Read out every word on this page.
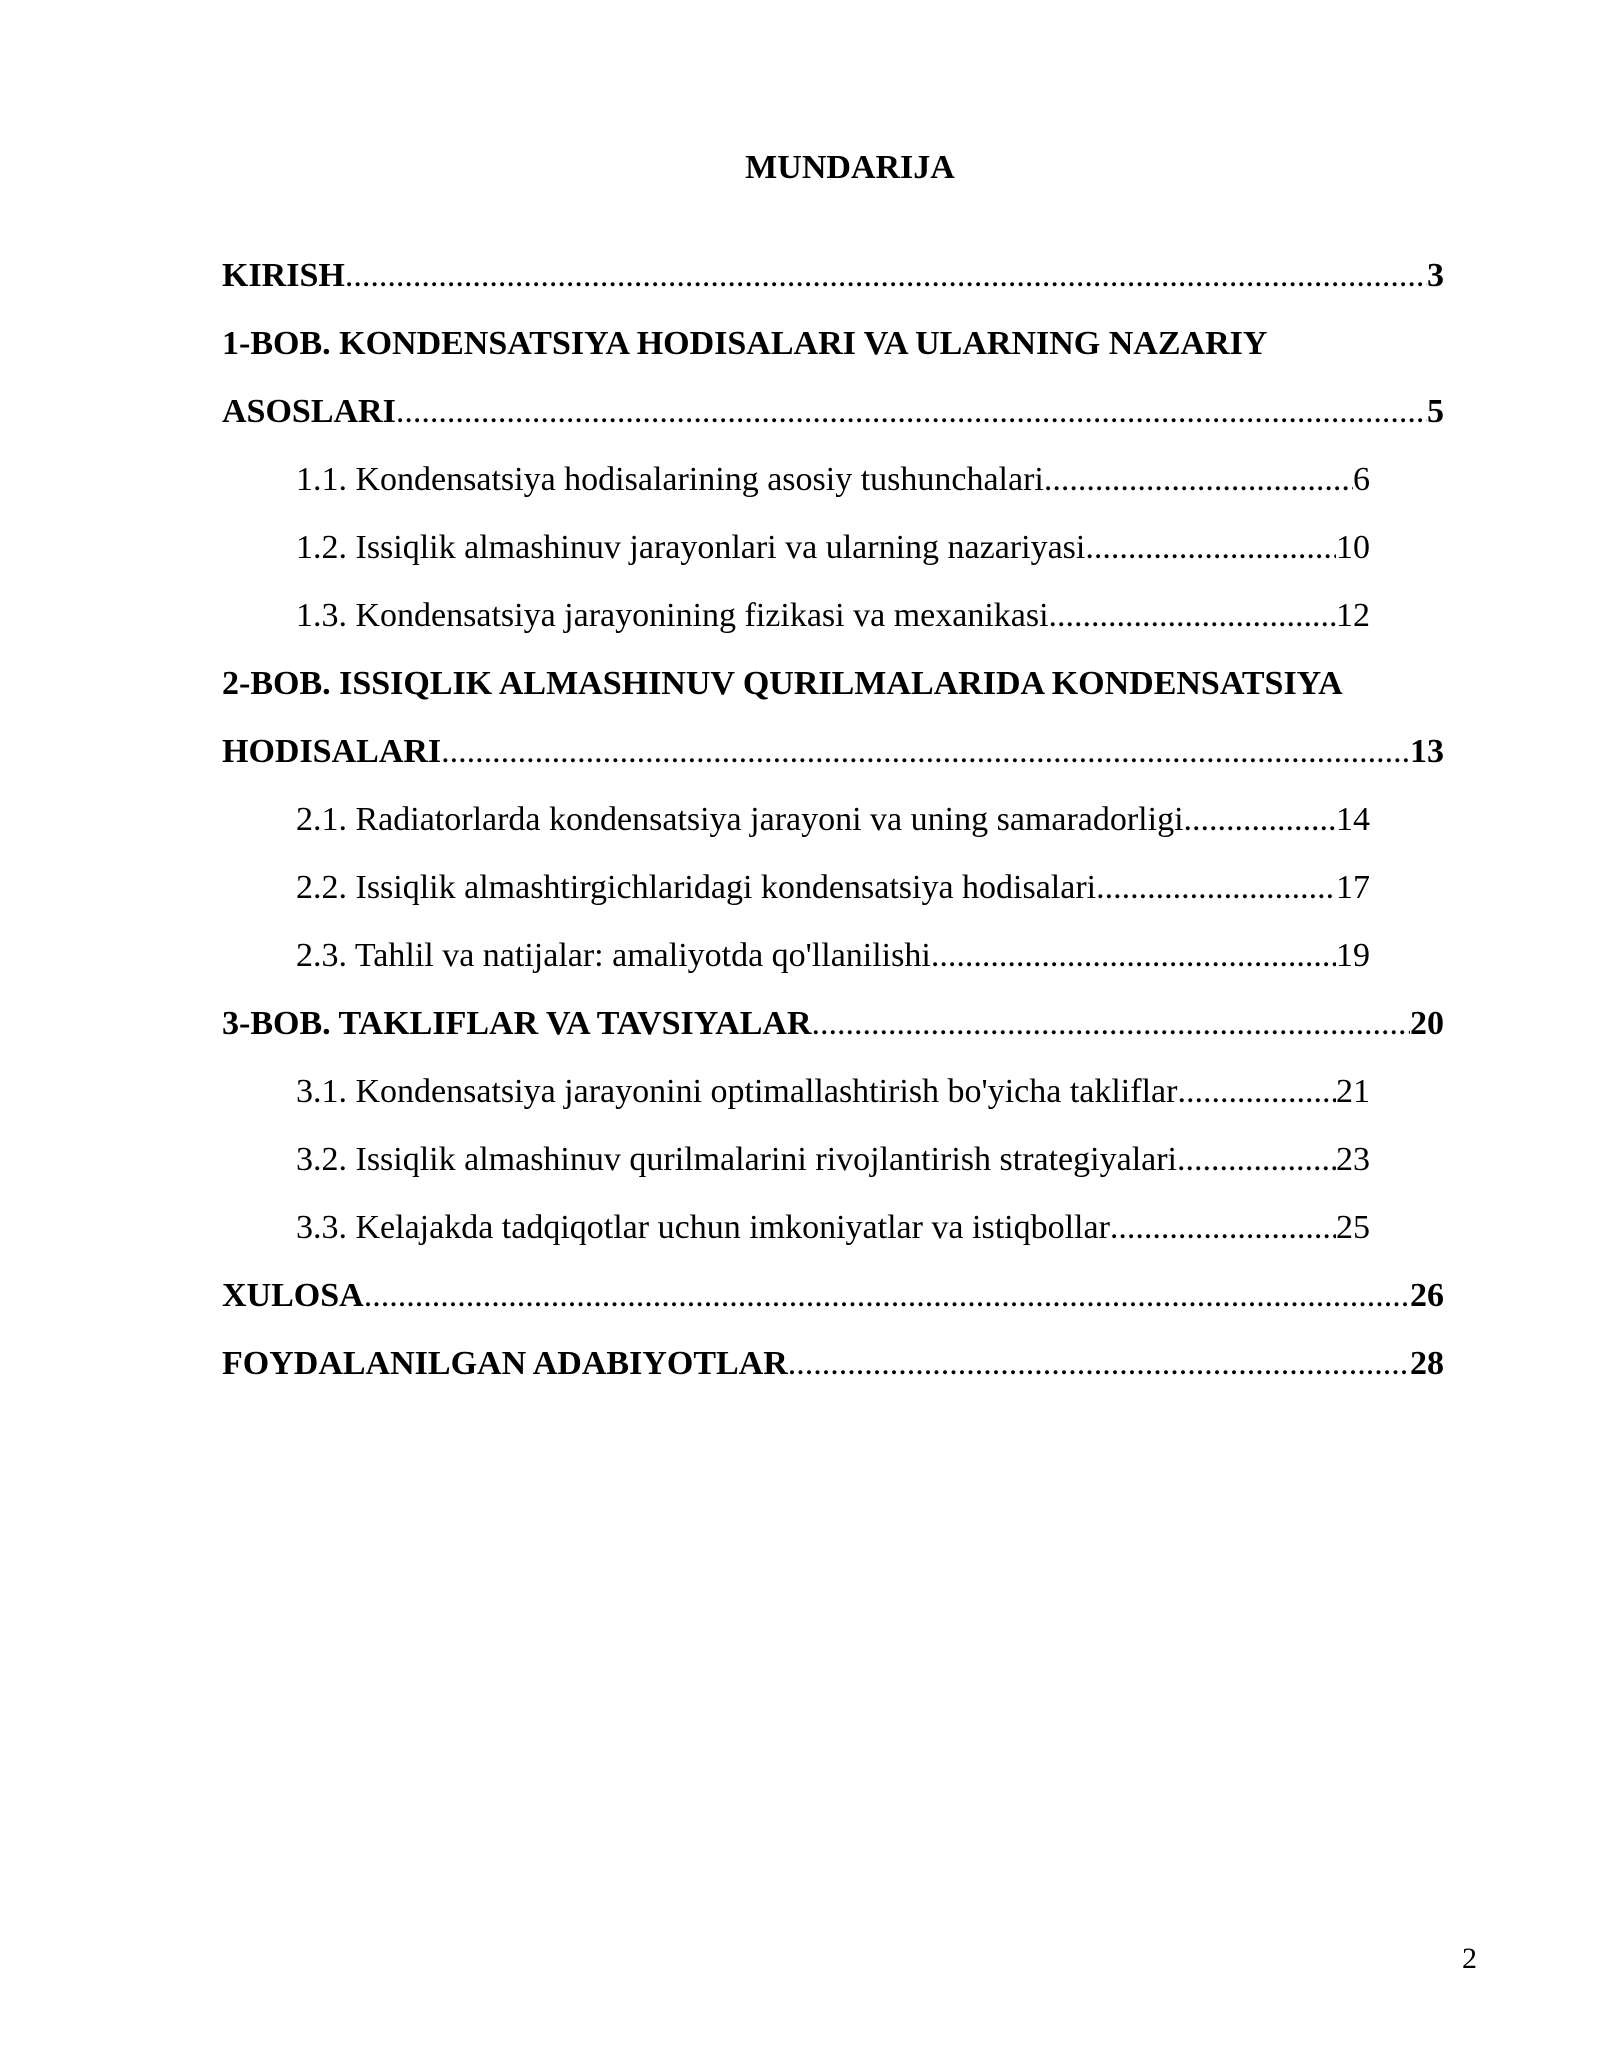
MUNDARIJA
KIRISH .....	3
1-BOB. KONDENSATSIYA HODISALARI VA ULARNING NAZARIY
ASOSLARI .....	5
1.1. Kondensatsiya hodisalarining asosiy tushunchalari .....	6
1.2. Issiqlik almashinuv jarayonlari va ularning nazariyasi .....	10
1.3. Kondensatsiya jarayonining fizikasi va mexanikasi .....	12
2-BOB. ISSIQLIK ALMASHINUV QURILMALARIDA KONDENSATSIYA
HODISALARI .....	13
2.1. Radiatorlarda kondensatsiya jarayoni va uning samaradorligi .....	14
2.2. Issiqlik almashtirgichlaridagi kondensatsiya hodisalari .....	17
2.3. Tahlil va natijalar: amaliyotda qo'llanilishi .....	19
3-BOB. TAKLIFLAR VA TAVSIYALAR .....	20
3.1. Kondensatsiya jarayonini optimallashtirish bo'yicha takliflar .....	21
3.2. Issiqlik almashinuv qurilmalarini rivojlantirish strategiyalari .....	23
3.3. Kelajakda tadqiqotlar uchun imkoniyatlar va istiqbollar .....	25
XULOSA .....	26
FOYDALANILGAN ADABIYOTLAR .....	28
2
